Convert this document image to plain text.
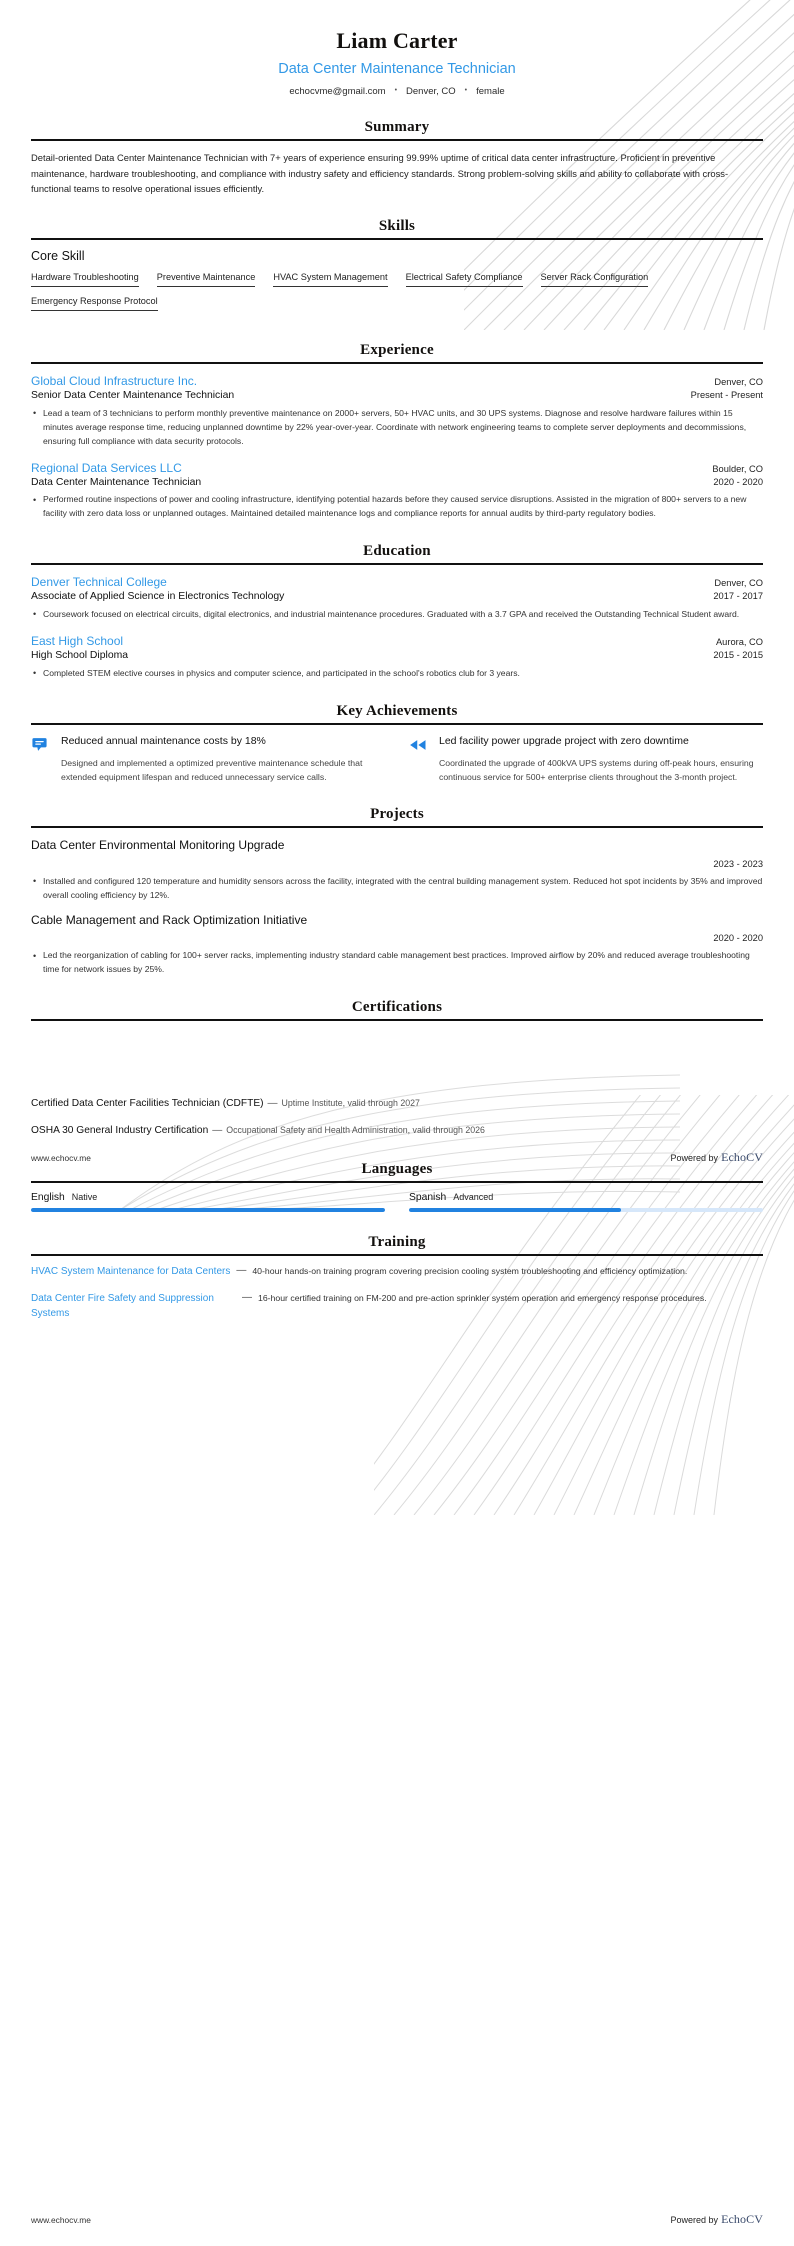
Liam Carter
Data Center Maintenance Technician
echocvme@gmail.com • Denver, CO • female
Summary

Detail-oriented Data Center Maintenance Technician with 7+ years of experience ensuring 99.99% uptime of critical data center infrastructure. Proficient in preventive maintenance, hardware troubleshooting, and compliance with industry safety and efficiency standards. Strong problem-solving skills and ability to collaborate with cross-functional teams to resolve operational issues efficiently.

Skills
Core Skill
Hardware Troubleshooting Preventive Maintenance HVAC System Management Electrical Safety Compliance Server Rack Configuration
Emergency Response Protocol
Experience
Global Cloud Infrastructure Inc.	Denver, CO
Senior Data Center Maintenance Technician	Present - Present
• Lead a team of 3 technicians to perform monthly preventive maintenance on 2000+ servers, 50+ HVAC units, and 30 UPS systems. Diagnose and resolve hardware failures within 15 minutes average response time, reducing unplanned downtime by 22% year-over-year. Coordinate with network engineering teams to complete server deployments and decommissions, ensuring full compliance with data security protocols.
Regional Data Services LLC	Boulder, CO
Data Center Maintenance Technician	2020 - 2020
• Performed routine inspections of power and cooling infrastructure, identifying potential hazards before they caused service disruptions. Assisted in the migration of 800+ servers to a new facility with zero data loss or unplanned outages. Maintained detailed maintenance logs and compliance reports for annual audits by third-party regulatory bodies.
Education
Denver Technical College	Denver, CO
Associate of Applied Science in Electronics Technology	2017 - 2017
• Coursework focused on electrical circuits, digital electronics, and industrial maintenance procedures. Graduated with a 3.7 GPA and received the Outstanding Technical Student award.
East High School	Aurora, CO
High School Diploma	2015 - 2015
• Completed STEM elective courses in physics and computer science, and participated in the school's robotics club for 3 years.
Key Achievements
Reduced annual maintenance costs by 18%
Designed and implemented a optimized preventive maintenance schedule that extended equipment lifespan and reduced unnecessary service calls.
Led facility power upgrade project with zero downtime
Coordinated the upgrade of 400kVA UPS systems during off-peak hours, ensuring continuous service for 500+ enterprise clients throughout the 3-month project.
Projects
Data Center Environmental Monitoring Upgrade
2023 - 2023
• Installed and configured 120 temperature and humidity sensors across the facility, integrated with the central building management system. Reduced hot spot incidents by 35% and improved overall cooling efficiency by 12%.
Cable Management and Rack Optimization Initiative
2020 - 2020
• Led the reorganization of cabling for 100+ server racks, implementing industry standard cable management best practices. Improved airflow by 20% and reduced average troubleshooting time for network issues by 25%.
Certifications
Certified Data Center Facilities Technician (CDFTE) — Uptime Institute, valid through 2027
OSHA 30 General Industry Certification — Occupational Safety and Health Administration, valid through 2026
Languages
English Native	Spanish Advanced
Training
HVAC System Maintenance for Data Centers — 40-hour hands-on training program covering precision cooling system troubleshooting and efficiency optimization.
Data Center Fire Safety and Suppression Systems
— 16-hour certified training on FM-200 and pre-action sprinkler system operation and emergency response procedures.
www.echocv.me	Powered by EchoCV
www.echocv.me	Powered by EchoCV
